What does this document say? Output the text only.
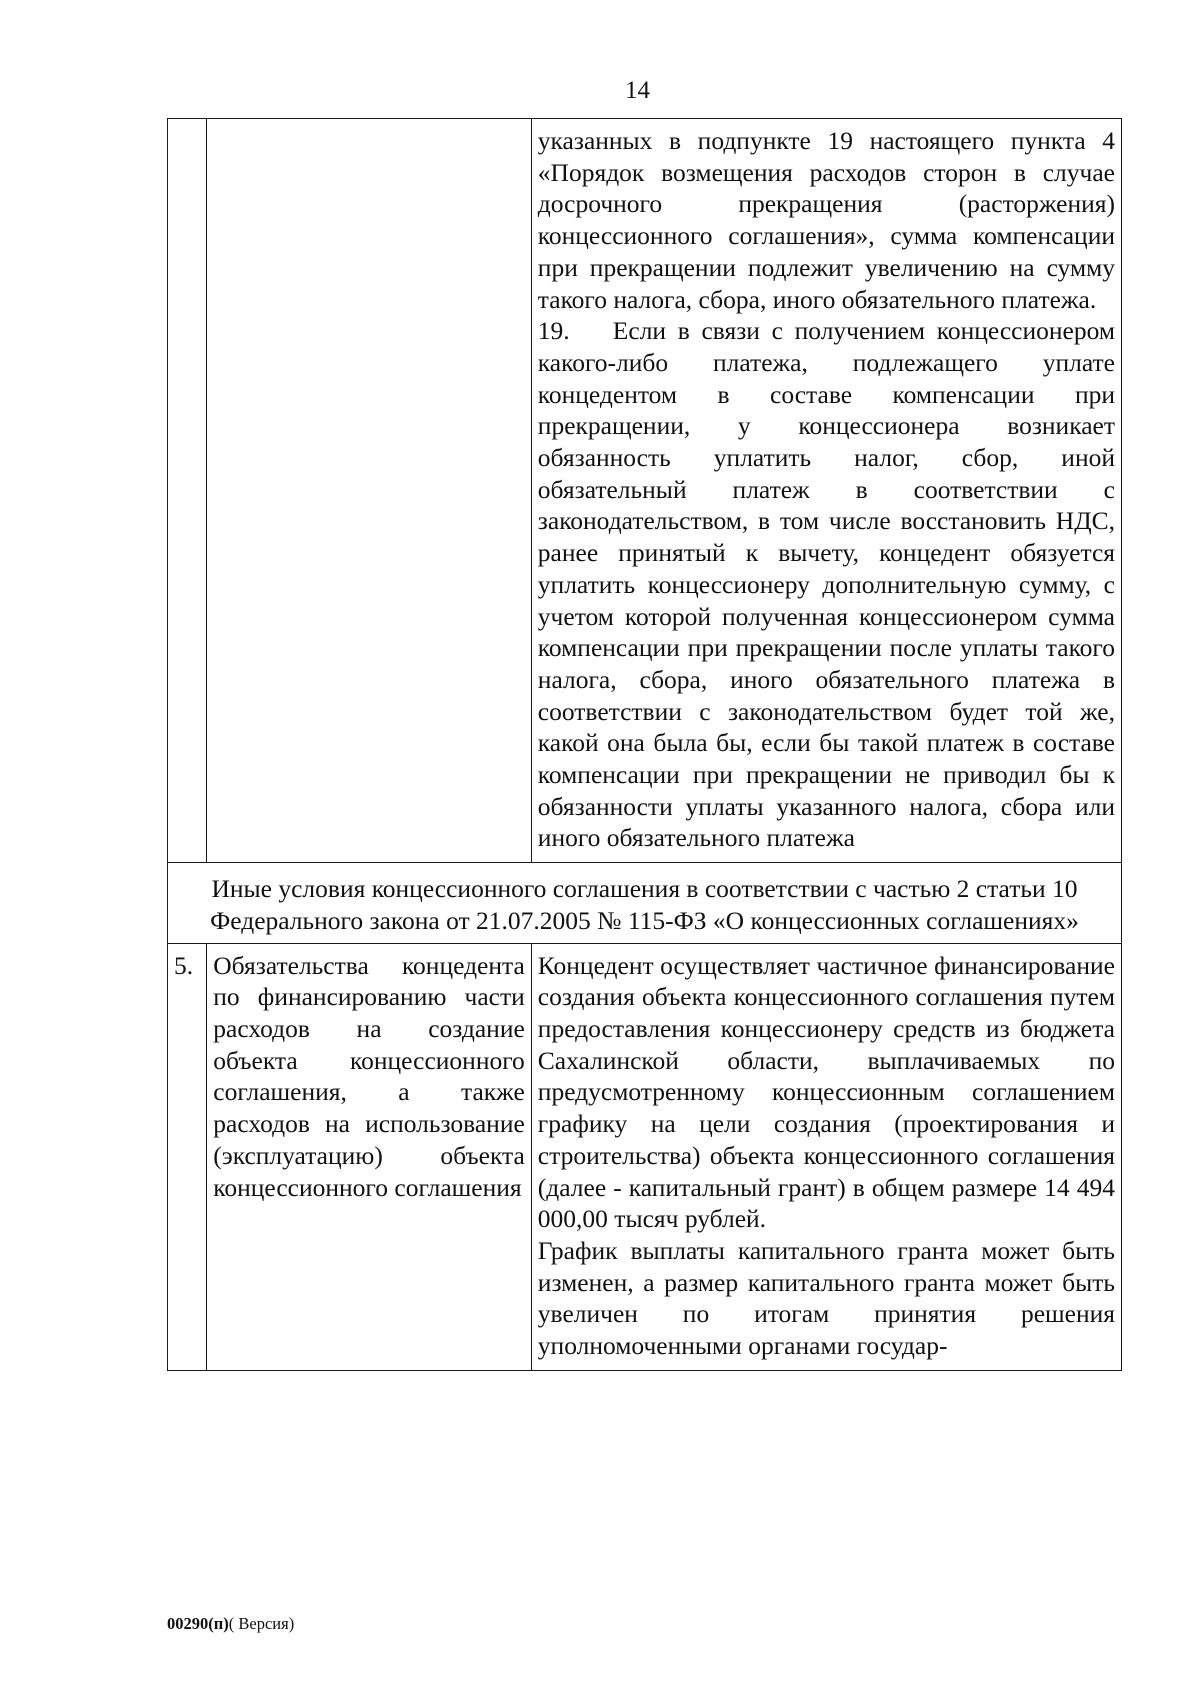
14

		указанных в подпункте 19 настоящего пункта 4 «Порядок возмещения расходов сторон в случае досрочного прекращения (расторжения) концессионного соглашения», сумма компенсации при прекращении подлежит увеличению на сумму такого налога, сбора, иного обязательного платежа.

19. Если в связи с получением концессионером какого-либо платежа, подлежащего уплате концедентом в составе компенсации при прекращении, у концессионера возникает обязанность уплатить налог, сбор, иной обязательный платеж в соответствии с законодательством, в том числе восстановить НДС, ранее принятый к вычету, концедент обязуется уплатить концессионеру дополнительную сумму, с учетом которой полученная концессионером сумма компенсации при прекращении после уплаты такого налога, сбора, иного обязательного платежа в соответствии с законодательством будет той же, какой она была бы, если бы такой платеж в составе компенсации при прекращении не приводил бы к обязанности уплаты указанного налога, сбора или иного обязательного платежа

Иные условия концессионного соглашения в соответствии с частью 2 статьи 10 Федерального закона от 21.07.2005 № 115-ФЗ «О концессионных соглашениях»		

5.	Обязательства концедента по финансированию части расходов на создание объекта концессионного соглашения, а также расходов на использование (эксплуатацию) объекта концессионного соглашения	Концедент осуществляет частичное финансирование создания объекта концессионного соглашения путем предоставления концессионеру средств из бюджета Сахалинской области, выплачиваемых по предусмотренному концессионным соглашением графику на цели создания (проектирования и строительства) объекта концессионного соглашения (далее - капитальный грант) в общем размере 14 494 000,00 тысяч рублей.

График выплаты капитального гранта может быть изменен, а размер капитального гранта может быть увеличен по итогам принятия решения уполномоченными органами государ-

00290(п)( Версия)
